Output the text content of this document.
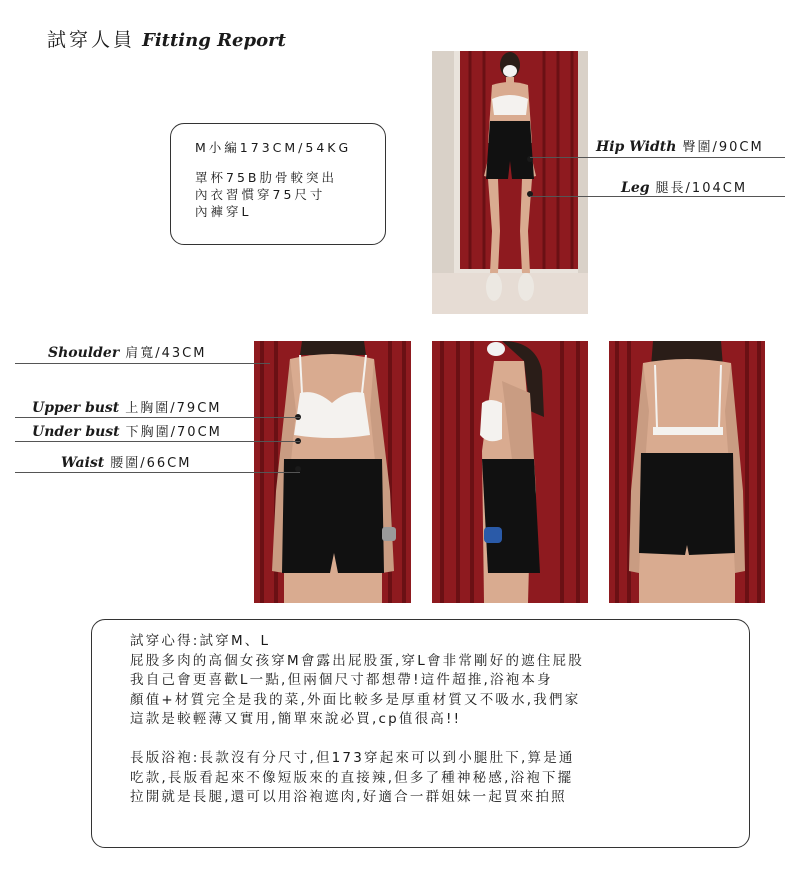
試穿人員 Fitting Report
M小編173CM/54KG
罩杯75B肋骨較突出
內衣習慣穿75尺寸
內褲穿L
Hip Width 臀圍/90CM
Leg 腿長/104CM
Shoulder 肩寬/43CM
Upper bust 上胸圍/79CM
Under bust 下胸圍/70CM
Waist 腰圍/66CM
試穿心得:試穿M、L
屁股多肉的高個女孩穿M會露出屁股蛋,穿L會非常剛好的遮住屁股
我自己會更喜歡L一點,但兩個尺寸都想帶!這件超推,浴袍本身
顏值+材質完全是我的菜,外面比較多是厚重材質又不吸水,我們家
這款是較輕薄又實用,簡單來說必買,cp值很高!!
長版浴袍:長款沒有分尺寸,但173穿起來可以到小腿肚下,算是通
吃款,長版看起來不像短版來的直接辣,但多了種神秘感,浴袍下擺
拉開就是長腿,還可以用浴袍遮肉,好適合一群姐妹一起買來拍照
